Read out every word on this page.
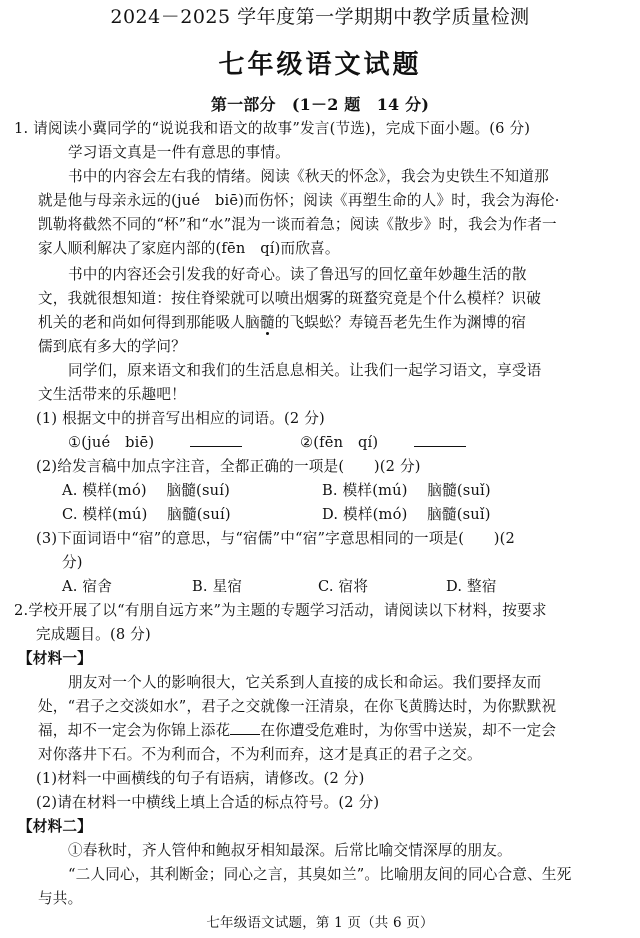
2024－2025 学年度第一学期期中教学质量检测
七年级语文试题
第一部分　(1－2 题　14 分)
1. 请阅读小冀同学的“说说我和语文的故事”发言(节选)，完成下面小题。(6 分)
学习语文真是一件有意思的事情。
书中的内容会左右我的情绪。阅读《秋天的怀念》，我会为史铁生不知道那
就是他与母亲永远的(jué　biē)而伤怀；阅读《再塑生命的人》时，我会为海伦·
凯勒将截然不同的“杯”和“水”混为一谈而着急；阅读《散步》时，我会为作者一
家人顺利解决了家庭内部的(fēn　qí)而欣喜。
书中的内容还会引发我的好奇心。读了鲁迅写的回忆童年妙趣生活的散
文，我就很想知道：按住脊梁就可以喷出烟雾的斑蝥究竟是个什么模样？识破
机关的老和尚如何得到那能吸人脑髓的飞蜈蚣？寿镜吾老先生作为渊博的宿
儒到底有多大的学问？
同学们，原来语文和我们的生活息息相关。让我们一起学习语文，享受语
文生活带来的乐趣吧！
(1) 根据文中的拼音写出相应的词语。(2 分)
①(jué　biē)	②(fēn　qí)
(2)给发言稿中加点字注音，全都正确的一项是(　　)(2 分)
A. 模样(mó)　 脑髓(suí)	B. 模样(mú)　 脑髓(suǐ)
C. 模样(mú)　 脑髓(suí)	D. 模样(mó)　 脑髓(suǐ)
(3)下面词语中“宿”的意思，与“宿儒”中“宿”字意思相同的一项是(　　)(2
分)
A. 宿舍	B. 星宿	C. 宿将	D. 整宿
2.学校开展了以“有朋自远方来”为主题的专题学习活动，请阅读以下材料，按要求
完成题目。(8 分)
【材料一】
朋友对一个人的影响很大，它关系到人直接的成长和命运。我们要择友而
处，“君子之交淡如水”，君子之交就像一汪清泉，在你飞黄腾达时，为你默默祝
福，却不一定会为你锦上添花 在你遭受危难时，为你雪中送炭，却不一定会
对你落井下石。不为利而合，不为利而弃，这才是真正的君子之交。
(1)材料一中画横线的句子有语病，请修改。(2 分)
(2)请在材料一中横线上填上合适的标点符号。(2 分)
【材料二】
①春秋时，齐人管仲和鲍叔牙相知最深。后常比喻交情深厚的朋友。
“二人同心，其利断金；同心之言，其臭如兰”。比喻朋友间的同心合意、生死
与共。
七年级语文试题，第 1 页（共 6 页）
